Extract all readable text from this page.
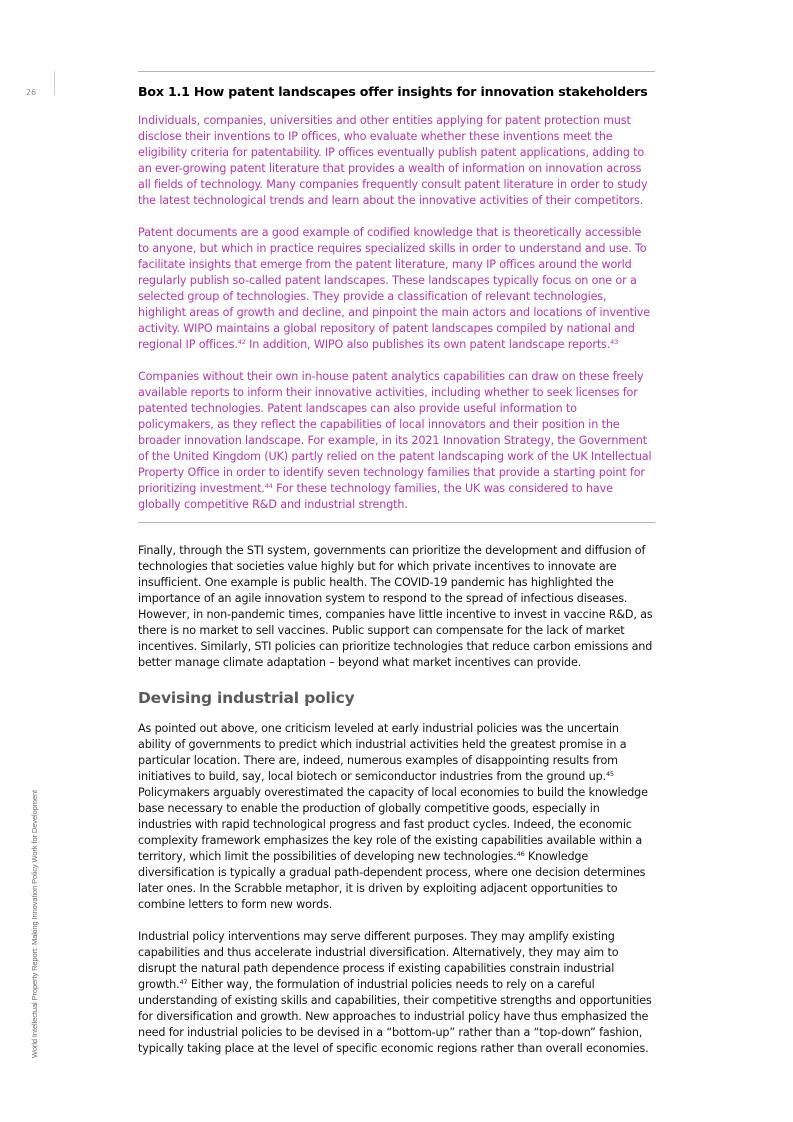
26
World Intellectual Property Report: Making Innovation Policy Work for Development
Box 1.1 How patent landscapes offer insights for innovation stakeholders

Individuals, companies, universities and other entities applying for patent protection must disclose their inventions to IP offices, who evaluate whether these inventions meet the eligibility criteria for patentability. IP offices eventually publish patent applications, adding to an ever-growing patent literature that provides a wealth of information on innovation across all fields of technology. Many companies frequently consult patent literature in order to study the latest technological trends and learn about the innovative activities of their competitors.

Patent documents are a good example of codified knowledge that is theoretically accessible to anyone, but which in practice requires specialized skills in order to understand and use. To facilitate insights that emerge from the patent literature, many IP offices around the world regularly publish so-called patent landscapes. These landscapes typically focus on one or a selected group of technologies. They provide a classification of relevant technologies, highlight areas of growth and decline, and pinpoint the main actors and locations of inventive activity. WIPO maintains a global repository of patent landscapes compiled by national and regional IP offices.$^{42}$ In addition, WIPO also publishes its own patent landscape reports.$^{43}$

Companies without their own in-house patent analytics capabilities can draw on these freely available reports to inform their innovative activities, including whether to seek licenses for patented technologies. Patent landscapes can also provide useful information to policymakers, as they reflect the capabilities of local innovators and their position in the broader innovation landscape. For example, in its 2021 Innovation Strategy, the Government of the United Kingdom (UK) partly relied on the patent landscaping work of the UK Intellectual Property Office in order to identify seven technology families that provide a starting point for prioritizing investment.$^{44}$ For these technology families, the UK was considered to have globally competitive R&D and industrial strength.

Finally, through the STI system, governments can prioritize the development and diffusion of technologies that societies value highly but for which private incentives to innovate are insufficient. One example is public health. The COVID-19 pandemic has highlighted the importance of an agile innovation system to respond to the spread of infectious diseases. However, in non-pandemic times, companies have little incentive to invest in vaccine R&D, as there is no market to sell vaccines. Public support can compensate for the lack of market incentives. Similarly, STI policies can prioritize technologies that reduce carbon emissions and better manage climate adaptation – beyond what market incentives can provide.

Devising industrial policy

As pointed out above, one criticism leveled at early industrial policies was the uncertain ability of governments to predict which industrial activities held the greatest promise in a particular location. There are, indeed, numerous examples of disappointing results from initiatives to build, say, local biotech or semiconductor industries from the ground up.$^{45}$ Policymakers arguably overestimated the capacity of local economies to build the knowledge base necessary to enable the production of globally competitive goods, especially in industries with rapid technological progress and fast product cycles. Indeed, the economic complexity framework emphasizes the key role of the existing capabilities available within a territory, which limit the possibilities of developing new technologies.$^{46}$ Knowledge diversification is typically a gradual path-dependent process, where one decision determines later ones. In the Scrabble metaphor, it is driven by exploiting adjacent opportunities to combine letters to form new words.

Industrial policy interventions may serve different purposes. They may amplify existing capabilities and thus accelerate industrial diversification. Alternatively, they may aim to disrupt the natural path dependence process if existing capabilities constrain industrial growth.$^{47}$ Either way, the formulation of industrial policies needs to rely on a careful understanding of existing skills and capabilities, their competitive strengths and opportunities for diversification and growth. New approaches to industrial policy have thus emphasized the need for industrial policies to be devised in a “bottom-up” rather than a “top-down” fashion, typically taking place at the level of specific economic regions rather than overall economies.
